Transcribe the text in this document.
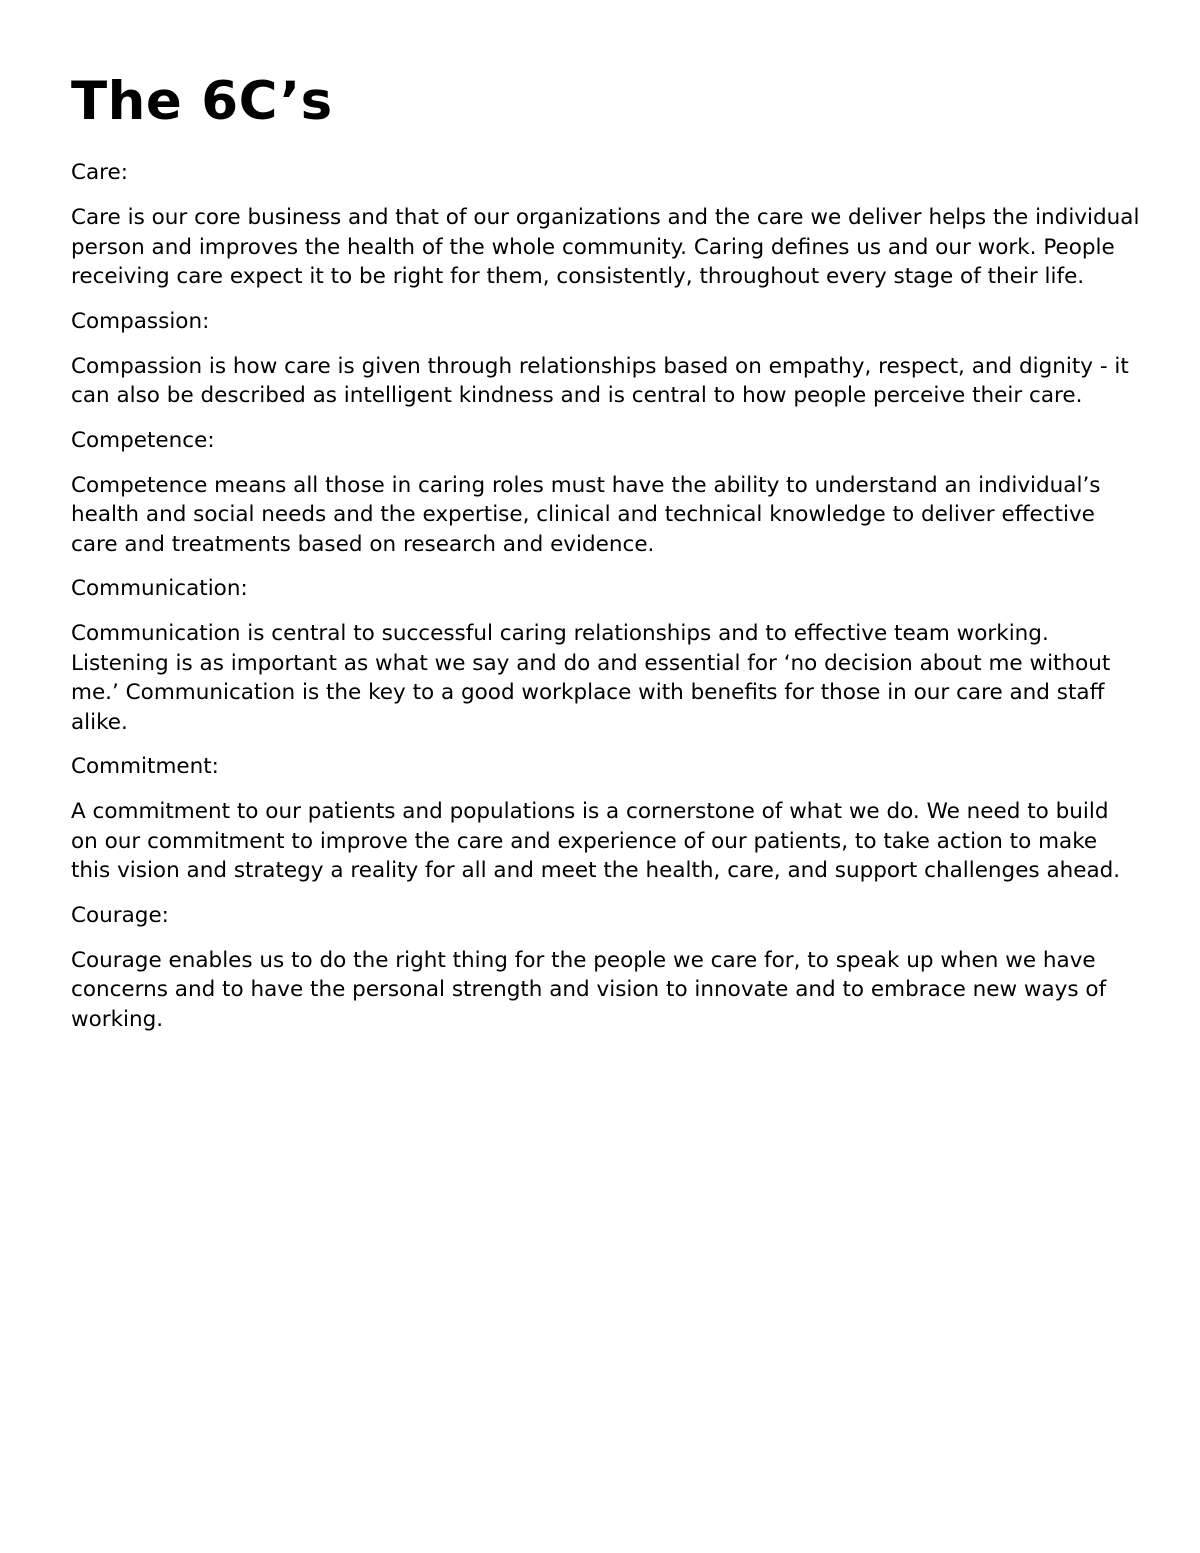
The 6C’s

Care:

Care is our core business and that of our organizations and the care we deliver helps the individual person and improves the health of the whole community. Caring defines us and our work. People receiving care expect it to be right for them, consistently, throughout every stage of their life.

Compassion:

Compassion is how care is given through relationships based on empathy, respect, and dignity - it can also be described as intelligent kindness and is central to how people perceive their care.

Competence:

Competence means all those in caring roles must have the ability to understand an individual’s health and social needs and the expertise, clinical and technical knowledge to deliver effective care and treatments based on research and evidence.

Communication:

Communication is central to successful caring relationships and to effective team working. Listening is as important as what we say and do and essential for ‘no decision about me without me.’ Communication is the key to a good workplace with benefits for those in our care and staff alike.

Commitment:

A commitment to our patients and populations is a cornerstone of what we do. We need to build on our commitment to improve the care and experience of our patients, to take action to make this vision and strategy a reality for all and meet the health, care, and support challenges ahead.

Courage:

Courage enables us to do the right thing for the people we care for, to speak up when we have concerns and to have the personal strength and vision to innovate and to embrace new ways of working.
